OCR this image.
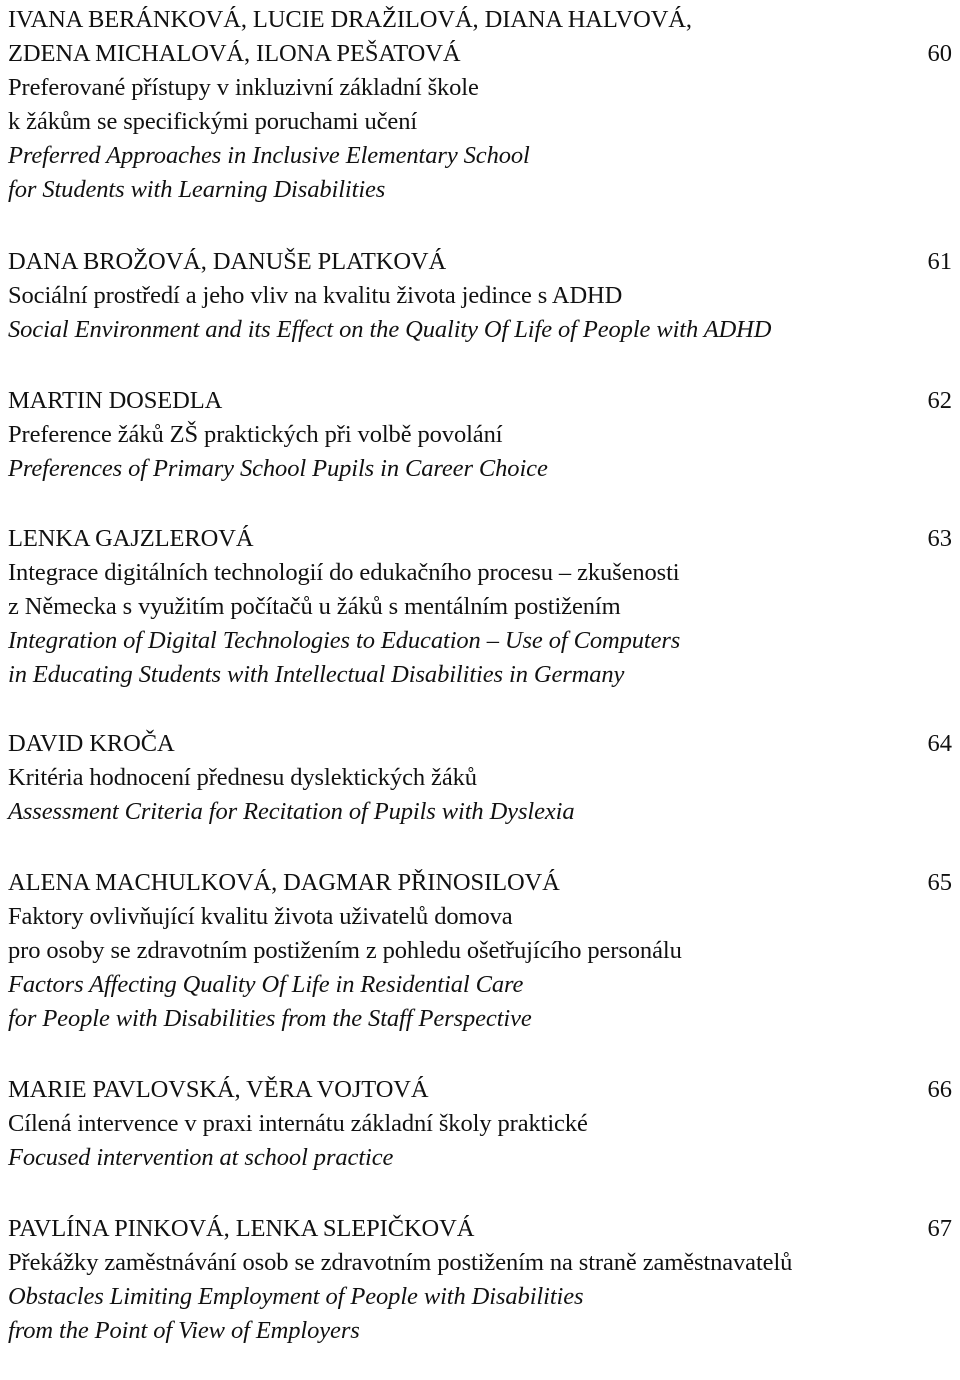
IVANA BERÁNKOVÁ, LUCIE DRAŽILOVÁ, DIANA HALVOVÁ,
ZDENA MICHALOVÁ, ILONA PEŠATOVÁ	60
Preferované přístupy v inkluzivní základní škole
k žákům se specifickými poruchami učení
Preferred Approaches in Inclusive Elementary School
for Students with Learning Disabilities
DANA BROŽOVÁ, DANUŠE PLATKOVÁ	61
Sociální prostředí a jeho vliv na kvalitu života jedince s ADHD
Social Environment and its Effect on the Quality Of Life of People with ADHD
MARTIN DOSEDLA	62
Preference žáků ZŠ praktických při volbě povolání
Preferences of Primary School Pupils in Career Choice
LENKA GAJZLEROVÁ	63
Integrace digitálních technologií do edukačního procesu – zkušenosti
z Německa s využitím počítačů u žáků s mentálním postižením
Integration of Digital Technologies to Education – Use of Computers
in Educating Students with Intellectual Disabilities in Germany
DAVID KROČA	64
Kritéria hodnocení přednesu dyslektických žáků
Assessment Criteria for Recitation of Pupils with Dyslexia
ALENA MACHULKOVÁ, DAGMAR PŘINOSILOVÁ	65
Faktory ovlivňující kvalitu života uživatelů domova
pro osoby se zdravotním postižením z pohledu ošetřujícího personálu
Factors Affecting Quality Of Life in Residential Care
for People with Disabilities from the Staff Perspective
MARIE PAVLOVSKÁ, VĚRA VOJTOVÁ	66
Cílená intervence v praxi internátu základní školy praktické
Focused intervention at school practice
PAVLÍNA PINKOVÁ, LENKA SLEPIČKOVÁ	67
Překážky zaměstnávání osob se zdravotním postižením na straně zaměstnavatelů
Obstacles Limiting Employment of People with Disabilities
from the Point of View of Employers
